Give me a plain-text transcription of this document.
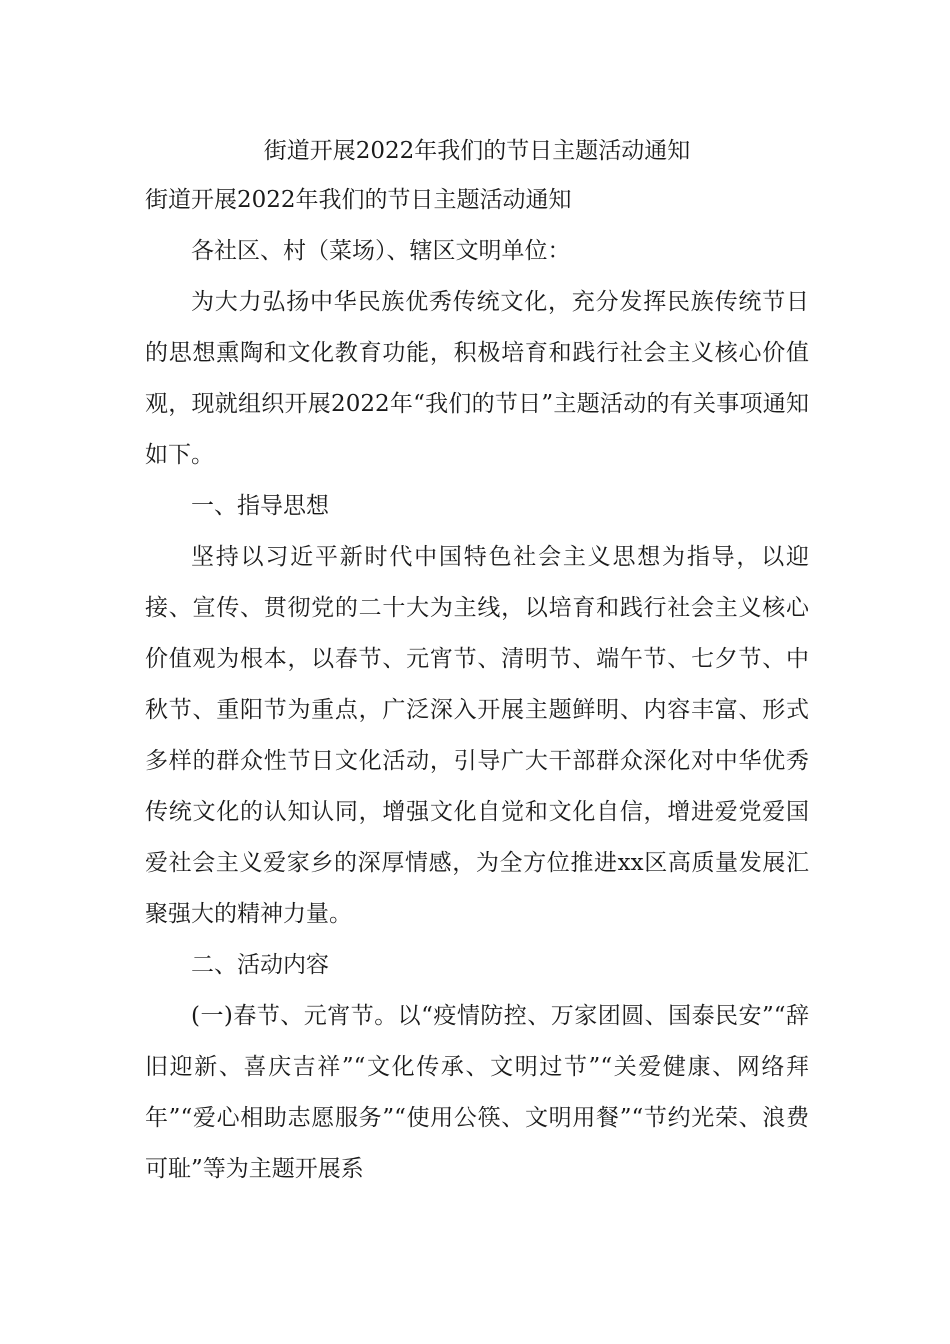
街道开展2022年我们的节日主题活动通知

街道开展2022年我们的节日主题活动通知

各社区、村（菜场）、辖区文明单位：

为大力弘扬中华民族优秀传统文化，充分发挥民族传统节日的思想熏陶和文化教育功能，积极培育和践行社会主义核心价值观，现就组织开展2022年“我们的节日”主题活动的有关事项通知如下。

一、指导思想

坚持以习近平新时代中国特色社会主义思想为指导，以迎接、宣传、贯彻党的二十大为主线，以培育和践行社会主义核心价值观为根本，以春节、元宵节、清明节、端午节、七夕节、中秋节、重阳节为重点，广泛深入开展主题鲜明、内容丰富、形式多样的群众性节日文化活动，引导广大干部群众深化对中华优秀传统文化的认知认同，增强文化自觉和文化自信，增进爱党爱国爱社会主义爱家乡的深厚情感，为全方位推进xx区高质量发展汇聚强大的精神力量。

二、活动内容

(一)春节、元宵节。以“疫情防控、万家团圆、国泰民安”“辞旧迎新、喜庆吉祥”“文化传承、文明过节”“关爱健康、网络拜年”“爱心相助志愿服务”“使用公筷、文明用餐”“节约光荣、浪费可耻”等为主题开展系
